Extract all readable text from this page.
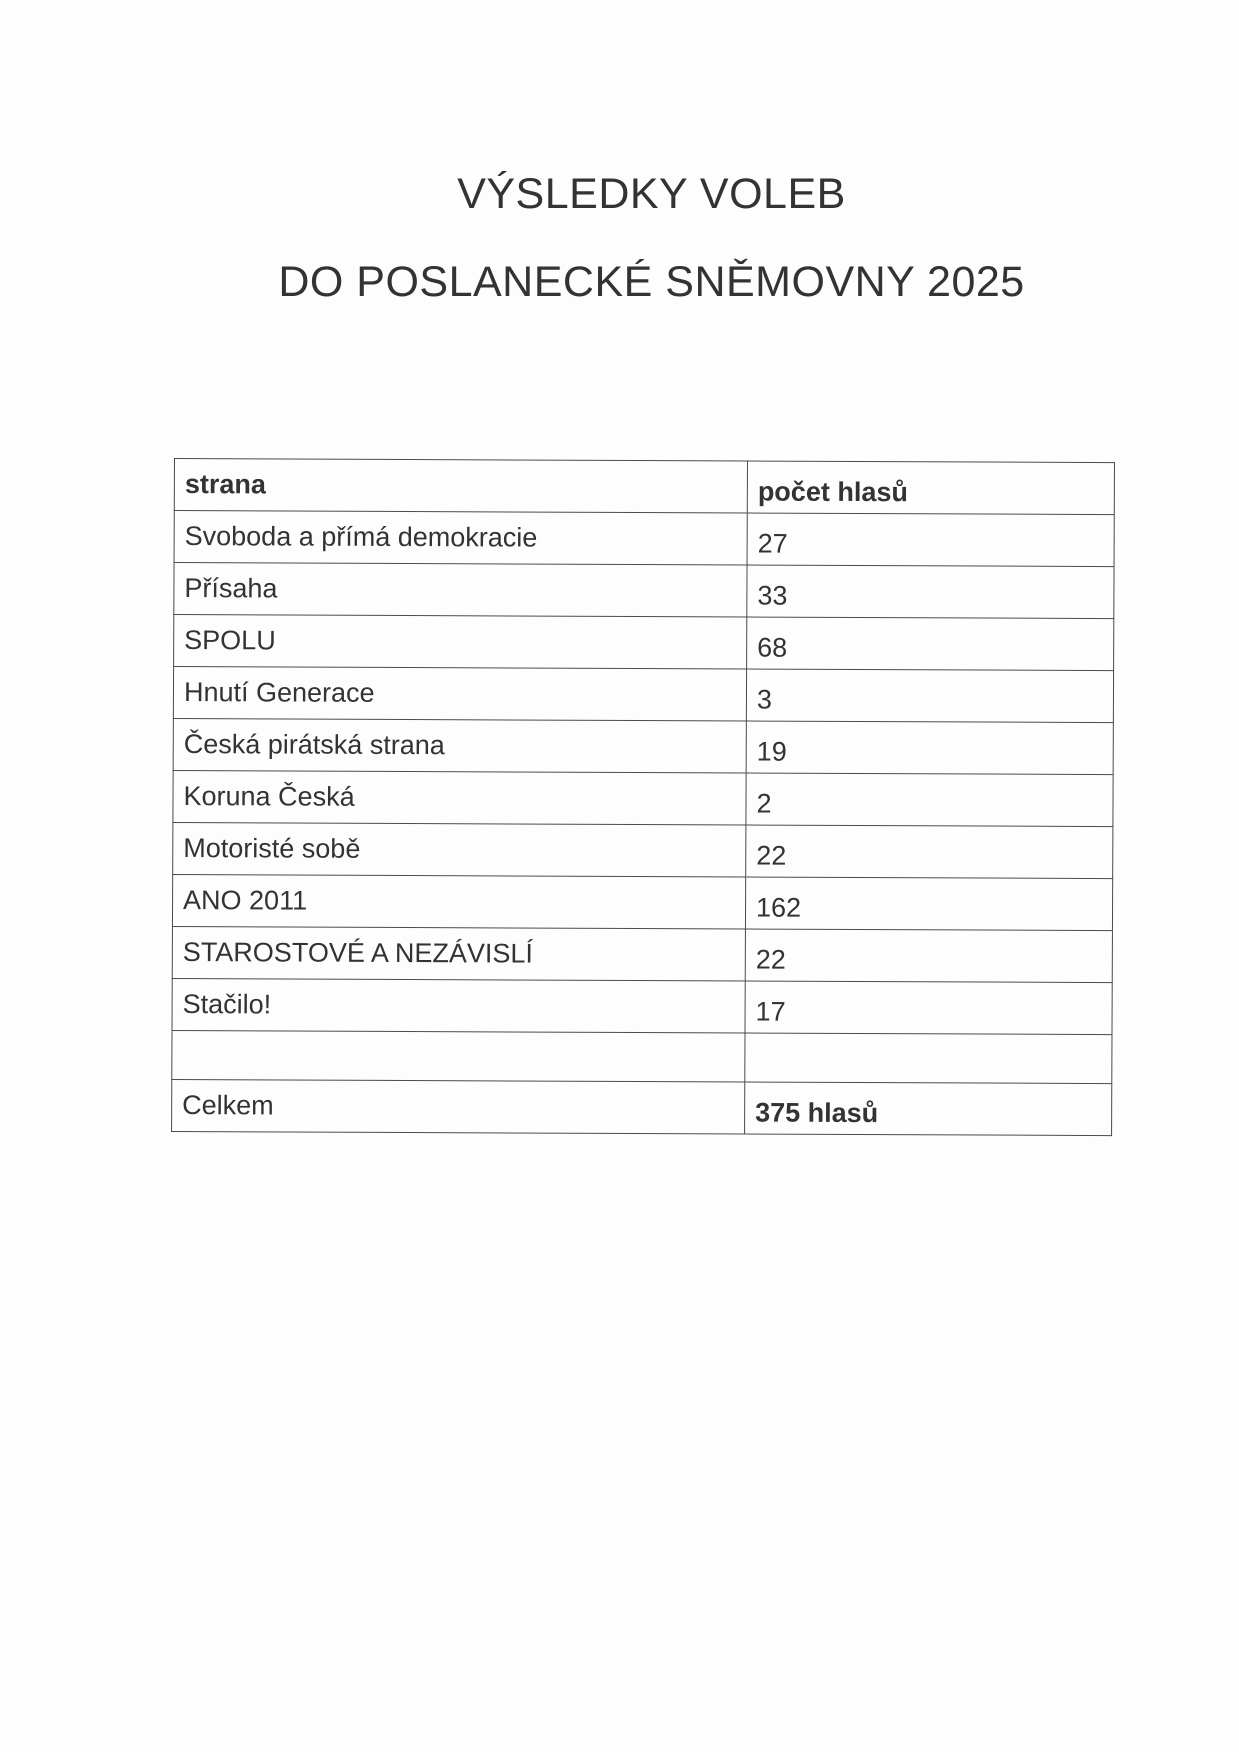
VÝSLEDKY VOLEB
DO POSLANECKÉ SNĚMOVNY 2025
strana	počet hlasů
Svoboda a přímá demokracie	27
Přísaha	33
SPOLU	68
Hnutí Generace	3
Česká pirátská strana	19
Koruna Česká	2
Motoristé sobě	22
ANO 2011	162
STAROSTOVÉ A NEZÁVISLÍ	22
Stačilo!	17

Celkem	375 hlasů
